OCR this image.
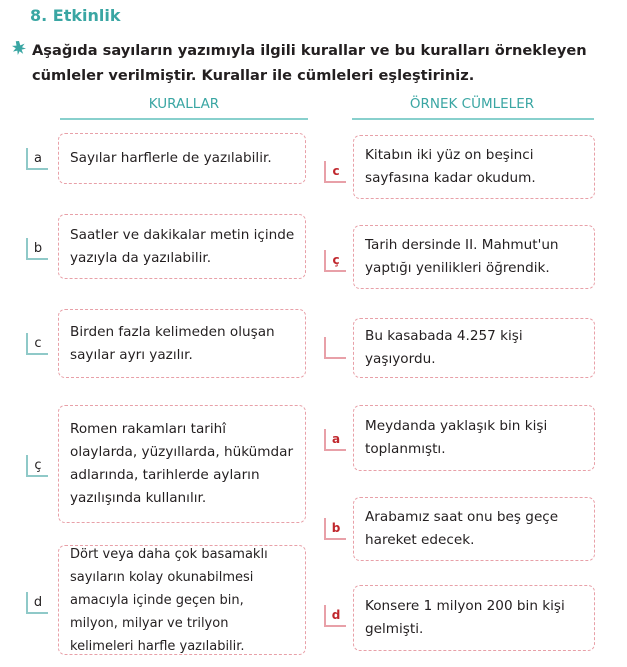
8. Etkinlik
Aşağıda sayıların yazımıyla ilgili kurallar ve bu kuralları örnekleyen cümleler verilmiştir. Kurallar ile cümleleri eşleştiriniz.
KURALLAR	ÖRNEK CÜMLELER
a	Sayılar harflerle de yazılabilir.
b
Saatler ve dakikalar metin içinde yazıyla da yazılabilir.
c
Birden fazla kelimeden oluşan sayılar ayrı yazılır.
ç
Romen rakamları tarihî olaylarda, yüzyıllarda, hükümdar adlarında, tarihlerde ayların yazılışında kullanılır.
d
Dört veya daha çok basamaklı sayıların kolay okunabilmesi amacıyla içinde geçen bin, milyon, milyar ve trilyon kelimeleri harfle yazılabilir.
c
Kitabın iki yüz on beşinci sayfasına kadar okudum.
ç
Tarih dersinde II. Mahmut'un yaptığı yenilikleri öğrendik.
Bu kasabada 4.257 kişi yaşıyordu.
a
Meydanda yaklaşık bin kişi toplanmıştı.
b
Arabamız saat onu beş geçe hareket edecek.
d
Konsere 1 milyon 200 bin kişi gelmişti.
